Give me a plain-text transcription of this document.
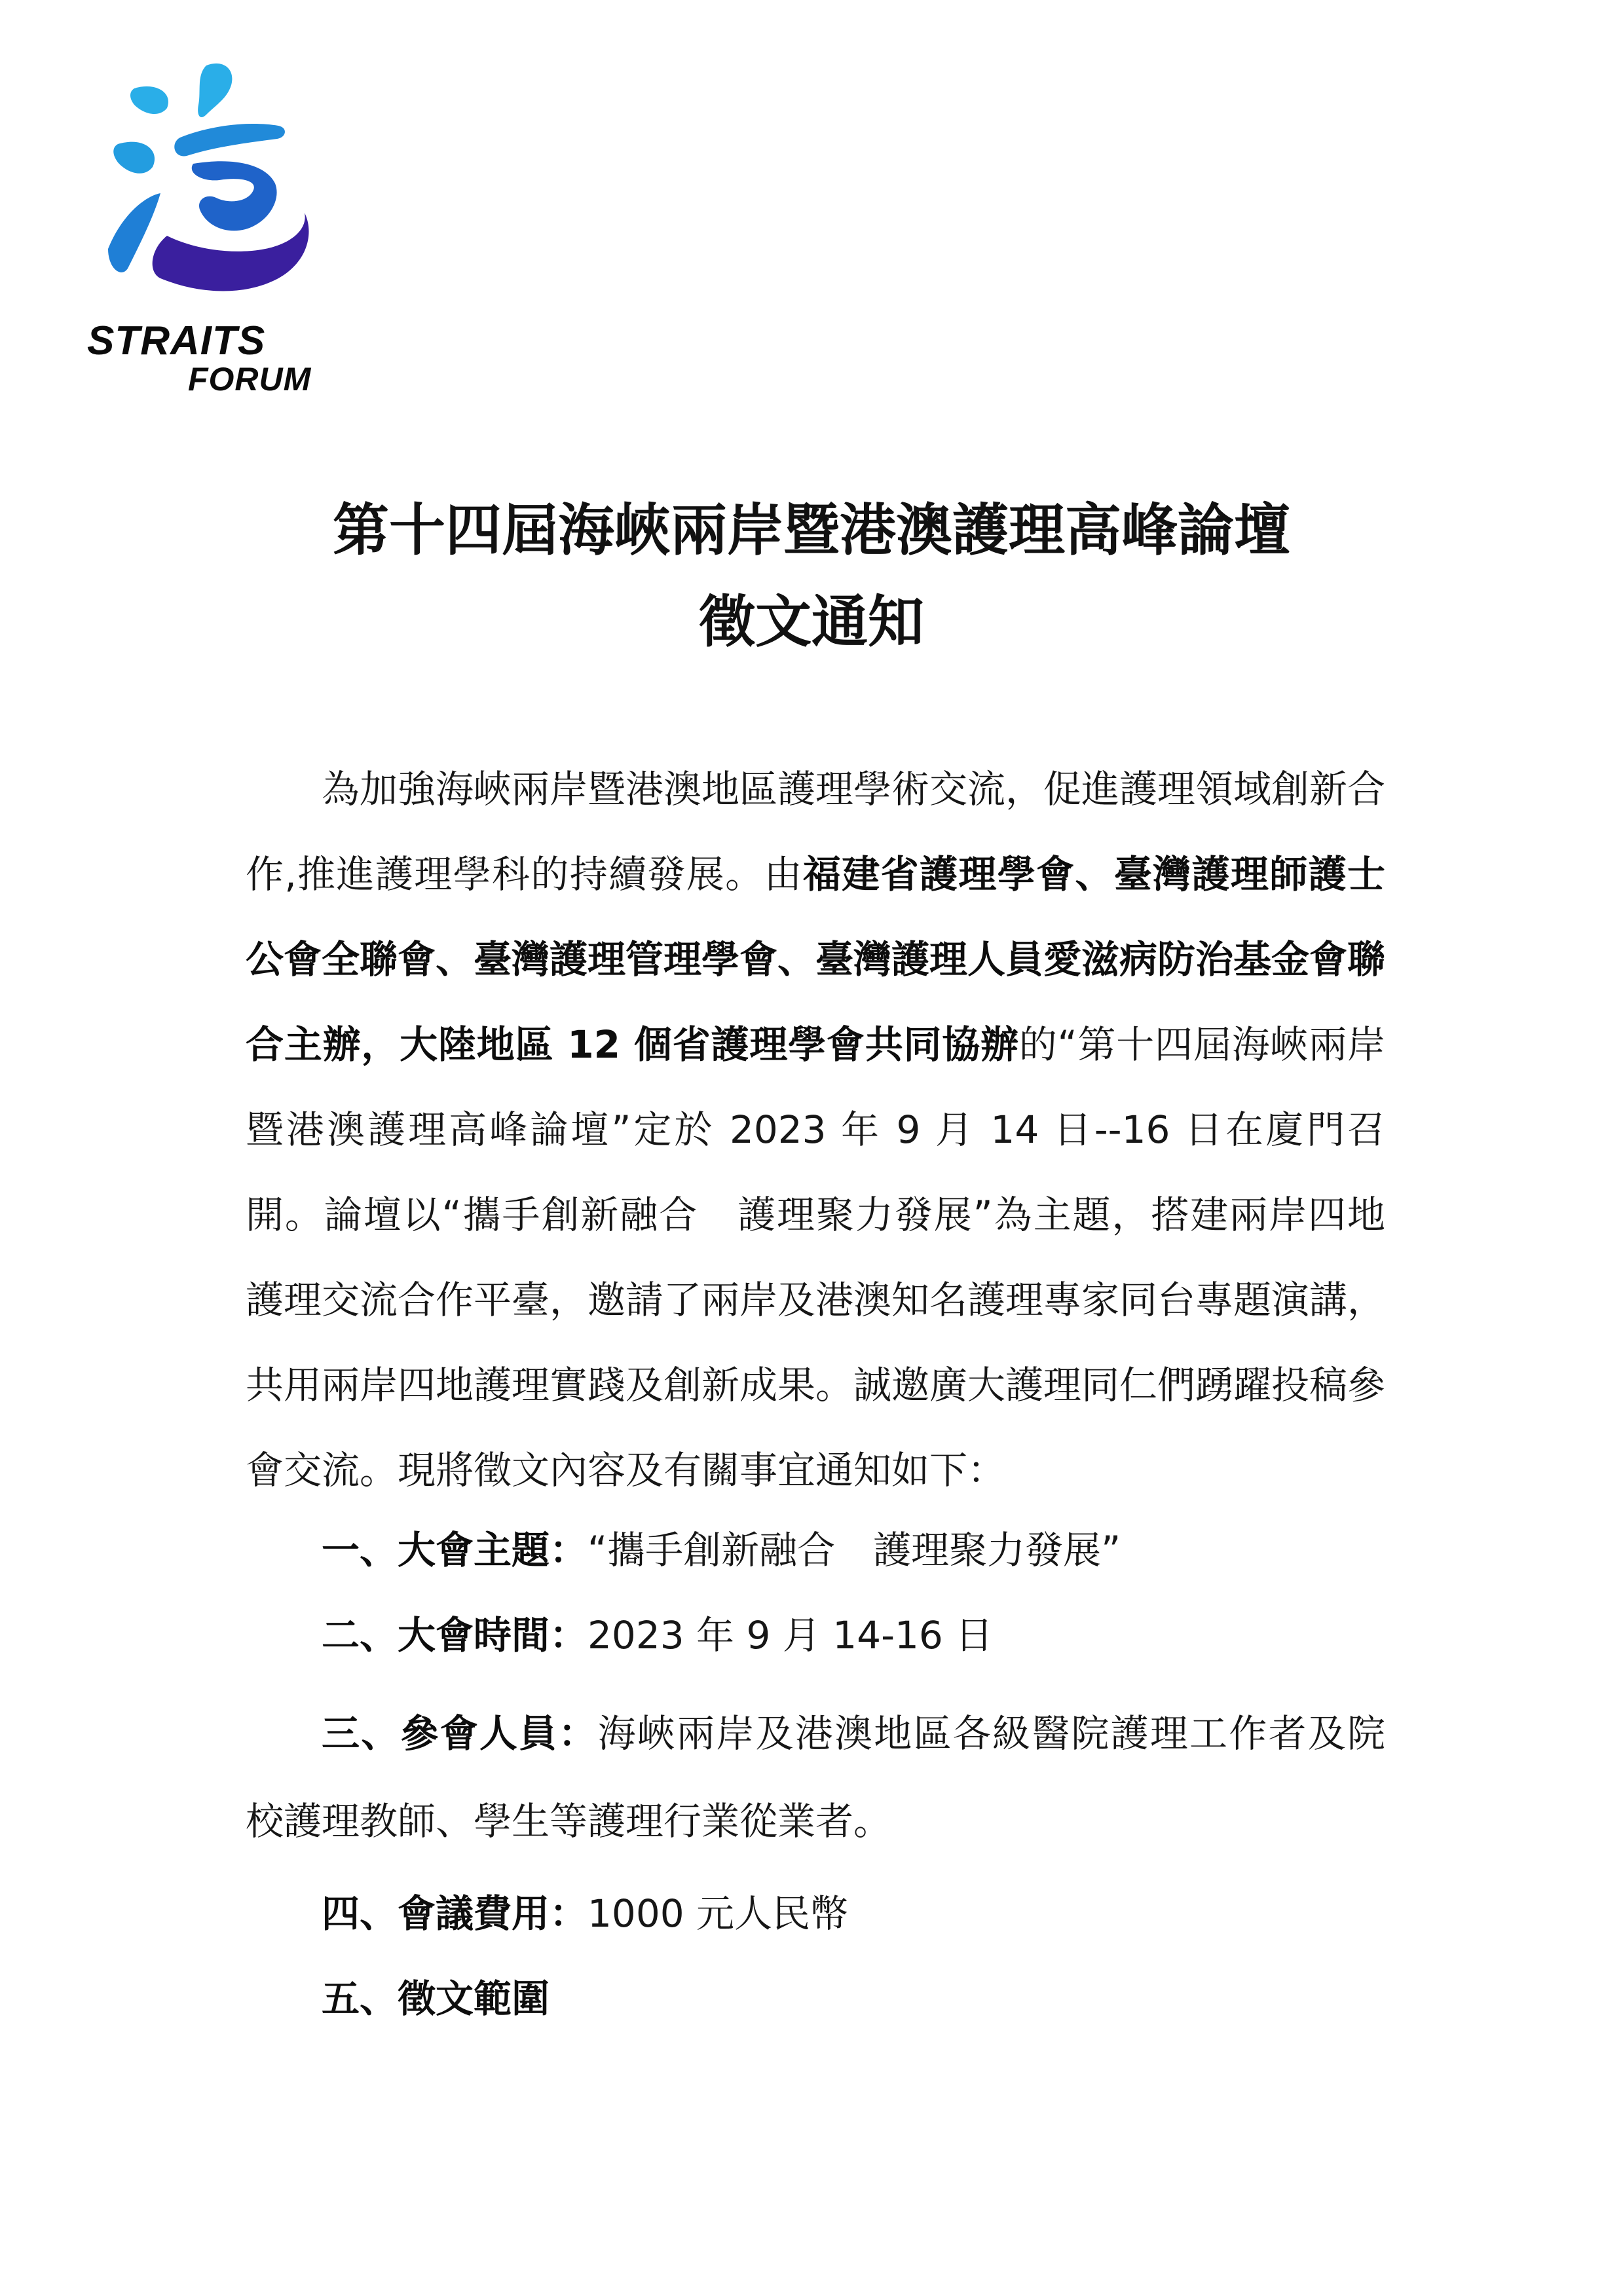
STRAITS
FORUM
第十四屆海峽兩岸暨港澳護理高峰論壇
徵文通知
為加強海峽兩岸暨港澳地區護理學術交流，促進護理領域創新合作,推進護理學科的持續發展。由福建省護理學會、臺灣護理師護士公會全聯會、臺灣護理管理學會、臺灣護理人員愛滋病防治基金會聯合主辦，大陸地區 12 個省護理學會共同協辦的“第十四屆海峽兩岸暨港澳護理高峰論壇”定於 2023 年 9 月 14 日--16 日在廈門召開。論壇以“攜手創新融合　護理聚力發展”為主題，搭建兩岸四地護理交流合作平臺，邀請了兩岸及港澳知名護理專家同台專題演講，共用兩岸四地護理實踐及創新成果。誠邀廣大護理同仁們踴躍投稿參會交流。現將徵文內容及有關事宜通知如下：
一、大會主題：“攜手創新融合　護理聚力發展”
二、大會時間：2023 年 9 月 14-16 日
三、參會人員：海峽兩岸及港澳地區各級醫院護理工作者及院校護理教師、學生等護理行業從業者。
四、會議費用：1000 元人民幣
五、徵文範圍
